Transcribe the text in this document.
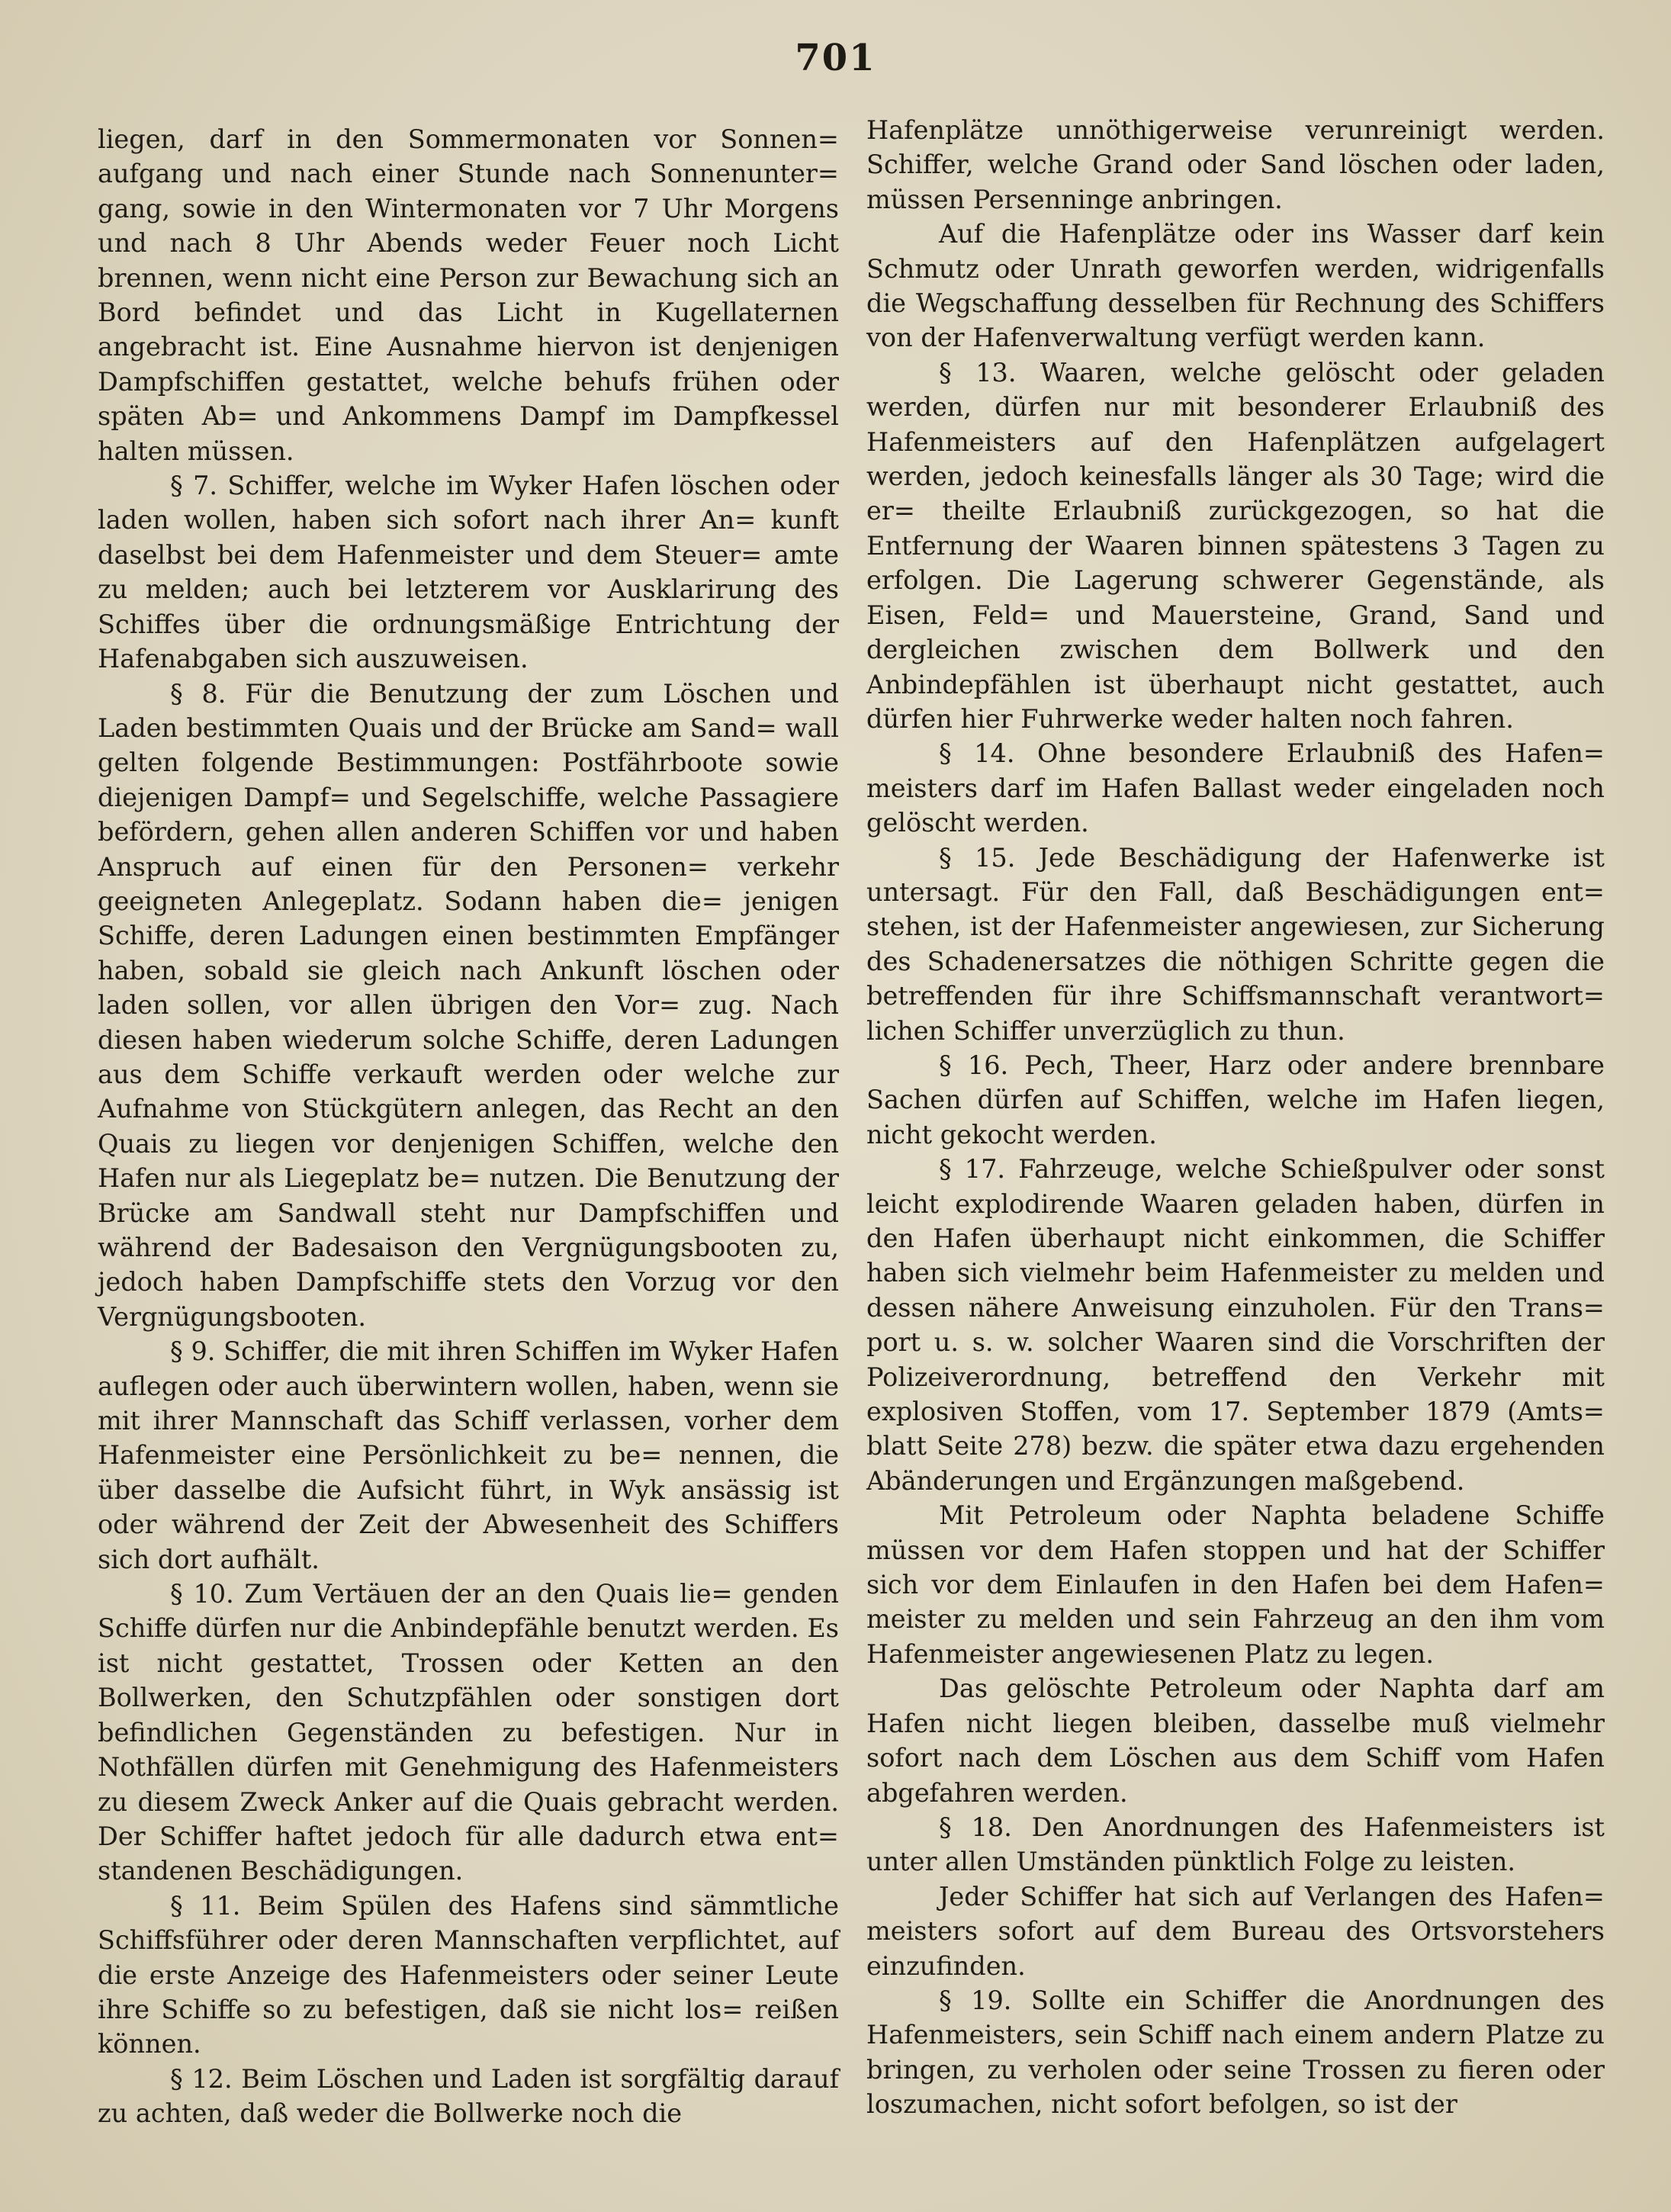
701

liegen, darf in den Sommermonaten vor Sonnen= aufgang und nach einer Stunde nach Sonnenunter= gang, sowie in den Wintermonaten vor 7 Uhr Morgens und nach 8 Uhr Abends weder Feuer noch Licht brennen, wenn nicht eine Person zur Bewachung sich an Bord befindet und das Licht in Kugellaternen angebracht ist. Eine Ausnahme hiervon ist denjenigen Dampfschiffen gestattet, welche behufs frühen oder späten Ab= und Ankommens Dampf im Dampfkessel halten müssen.

§ 7. Schiffer, welche im Wyker Hafen löschen oder laden wollen, haben sich sofort nach ihrer An= kunft daselbst bei dem Hafenmeister und dem Steuer= amte zu melden; auch bei letzterem vor Ausklarirung des Schiffes über die ordnungsmäßige Entrichtung der Hafenabgaben sich auszuweisen.

§ 8. Für die Benutzung der zum Löschen und Laden bestimmten Quais und der Brücke am Sand= wall gelten folgende Bestimmungen: Postfährboote sowie diejenigen Dampf= und Segelschiffe, welche Passagiere befördern, gehen allen anderen Schiffen vor und haben Anspruch auf einen für den Personen= verkehr geeigneten Anlegeplatz. Sodann haben die= jenigen Schiffe, deren Ladungen einen bestimmten Empfänger haben, sobald sie gleich nach Ankunft löschen oder laden sollen, vor allen übrigen den Vor= zug. Nach diesen haben wiederum solche Schiffe, deren Ladungen aus dem Schiffe verkauft werden oder welche zur Aufnahme von Stückgütern anlegen, das Recht an den Quais zu liegen vor denjenigen Schiffen, welche den Hafen nur als Liegeplatz be= nutzen. Die Benutzung der Brücke am Sandwall steht nur Dampfschiffen und während der Badesaison den Vergnügungsbooten zu, jedoch haben Dampfschiffe stets den Vorzug vor den Vergnügungsbooten.

§ 9. Schiffer, die mit ihren Schiffen im Wyker Hafen auflegen oder auch überwintern wollen, haben, wenn sie mit ihrer Mannschaft das Schiff verlassen, vorher dem Hafenmeister eine Persönlichkeit zu be= nennen, die über dasselbe die Aufsicht führt, in Wyk ansässig ist oder während der Zeit der Abwesenheit des Schiffers sich dort aufhält.

§ 10. Zum Vertäuen der an den Quais lie= genden Schiffe dürfen nur die Anbindepfähle benutzt werden. Es ist nicht gestattet, Trossen oder Ketten an den Bollwerken, den Schutzpfählen oder sonstigen dort befindlichen Gegenständen zu befestigen. Nur in Nothfällen dürfen mit Genehmigung des Hafenmeisters zu diesem Zweck Anker auf die Quais gebracht werden. Der Schiffer haftet jedoch für alle dadurch etwa ent= standenen Beschädigungen.

§ 11. Beim Spülen des Hafens sind sämmtliche Schiffsführer oder deren Mannschaften verpflichtet, auf die erste Anzeige des Hafenmeisters oder seiner Leute ihre Schiffe so zu befestigen, daß sie nicht los= reißen können.

§ 12. Beim Löschen und Laden ist sorgfältig darauf zu achten, daß weder die Bollwerke noch die

Hafenplätze unnöthigerweise verunreinigt werden. Schiffer, welche Grand oder Sand löschen oder laden, müssen Persenninge anbringen.

Auf die Hafenplätze oder ins Wasser darf kein Schmutz oder Unrath geworfen werden, widrigenfalls die Wegschaffung desselben für Rechnung des Schiffers von der Hafenverwaltung verfügt werden kann.

§ 13. Waaren, welche gelöscht oder geladen werden, dürfen nur mit besonderer Erlaubniß des Hafenmeisters auf den Hafenplätzen aufgelagert werden, jedoch keinesfalls länger als 30 Tage; wird die er= theilte Erlaubniß zurückgezogen, so hat die Entfernung der Waaren binnen spätestens 3 Tagen zu erfolgen. Die Lagerung schwerer Gegenstände, als Eisen, Feld= und Mauersteine, Grand, Sand und dergleichen zwischen dem Bollwerk und den Anbindepfählen ist überhaupt nicht gestattet, auch dürfen hier Fuhrwerke weder halten noch fahren.

§ 14. Ohne besondere Erlaubniß des Hafen= meisters darf im Hafen Ballast weder eingeladen noch gelöscht werden.

§ 15. Jede Beschädigung der Hafenwerke ist untersagt. Für den Fall, daß Beschädigungen ent= stehen, ist der Hafenmeister angewiesen, zur Sicherung des Schadenersatzes die nöthigen Schritte gegen die betreffenden für ihre Schiffsmannschaft verantwort= lichen Schiffer unverzüglich zu thun.

§ 16. Pech, Theer, Harz oder andere brennbare Sachen dürfen auf Schiffen, welche im Hafen liegen, nicht gekocht werden.

§ 17. Fahrzeuge, welche Schießpulver oder sonst leicht explodirende Waaren geladen haben, dürfen in den Hafen überhaupt nicht einkommen, die Schiffer haben sich vielmehr beim Hafenmeister zu melden und dessen nähere Anweisung einzuholen. Für den Trans= port u. s. w. solcher Waaren sind die Vorschriften der Polizeiverordnung, betreffend den Verkehr mit explosiven Stoffen, vom 17. September 1879 (Amts= blatt Seite 278) bezw. die später etwa dazu ergehenden Abänderungen und Ergänzungen maßgebend.

Mit Petroleum oder Naphta beladene Schiffe müssen vor dem Hafen stoppen und hat der Schiffer sich vor dem Einlaufen in den Hafen bei dem Hafen= meister zu melden und sein Fahrzeug an den ihm vom Hafenmeister angewiesenen Platz zu legen.

Das gelöschte Petroleum oder Naphta darf am Hafen nicht liegen bleiben, dasselbe muß vielmehr sofort nach dem Löschen aus dem Schiff vom Hafen abgefahren werden.

§ 18. Den Anordnungen des Hafenmeisters ist unter allen Umständen pünktlich Folge zu leisten.

Jeder Schiffer hat sich auf Verlangen des Hafen= meisters sofort auf dem Bureau des Ortsvorstehers einzufinden.

§ 19. Sollte ein Schiffer die Anordnungen des Hafenmeisters, sein Schiff nach einem andern Platze zu bringen, zu verholen oder seine Trossen zu fieren oder loszumachen, nicht sofort befolgen, so ist der
